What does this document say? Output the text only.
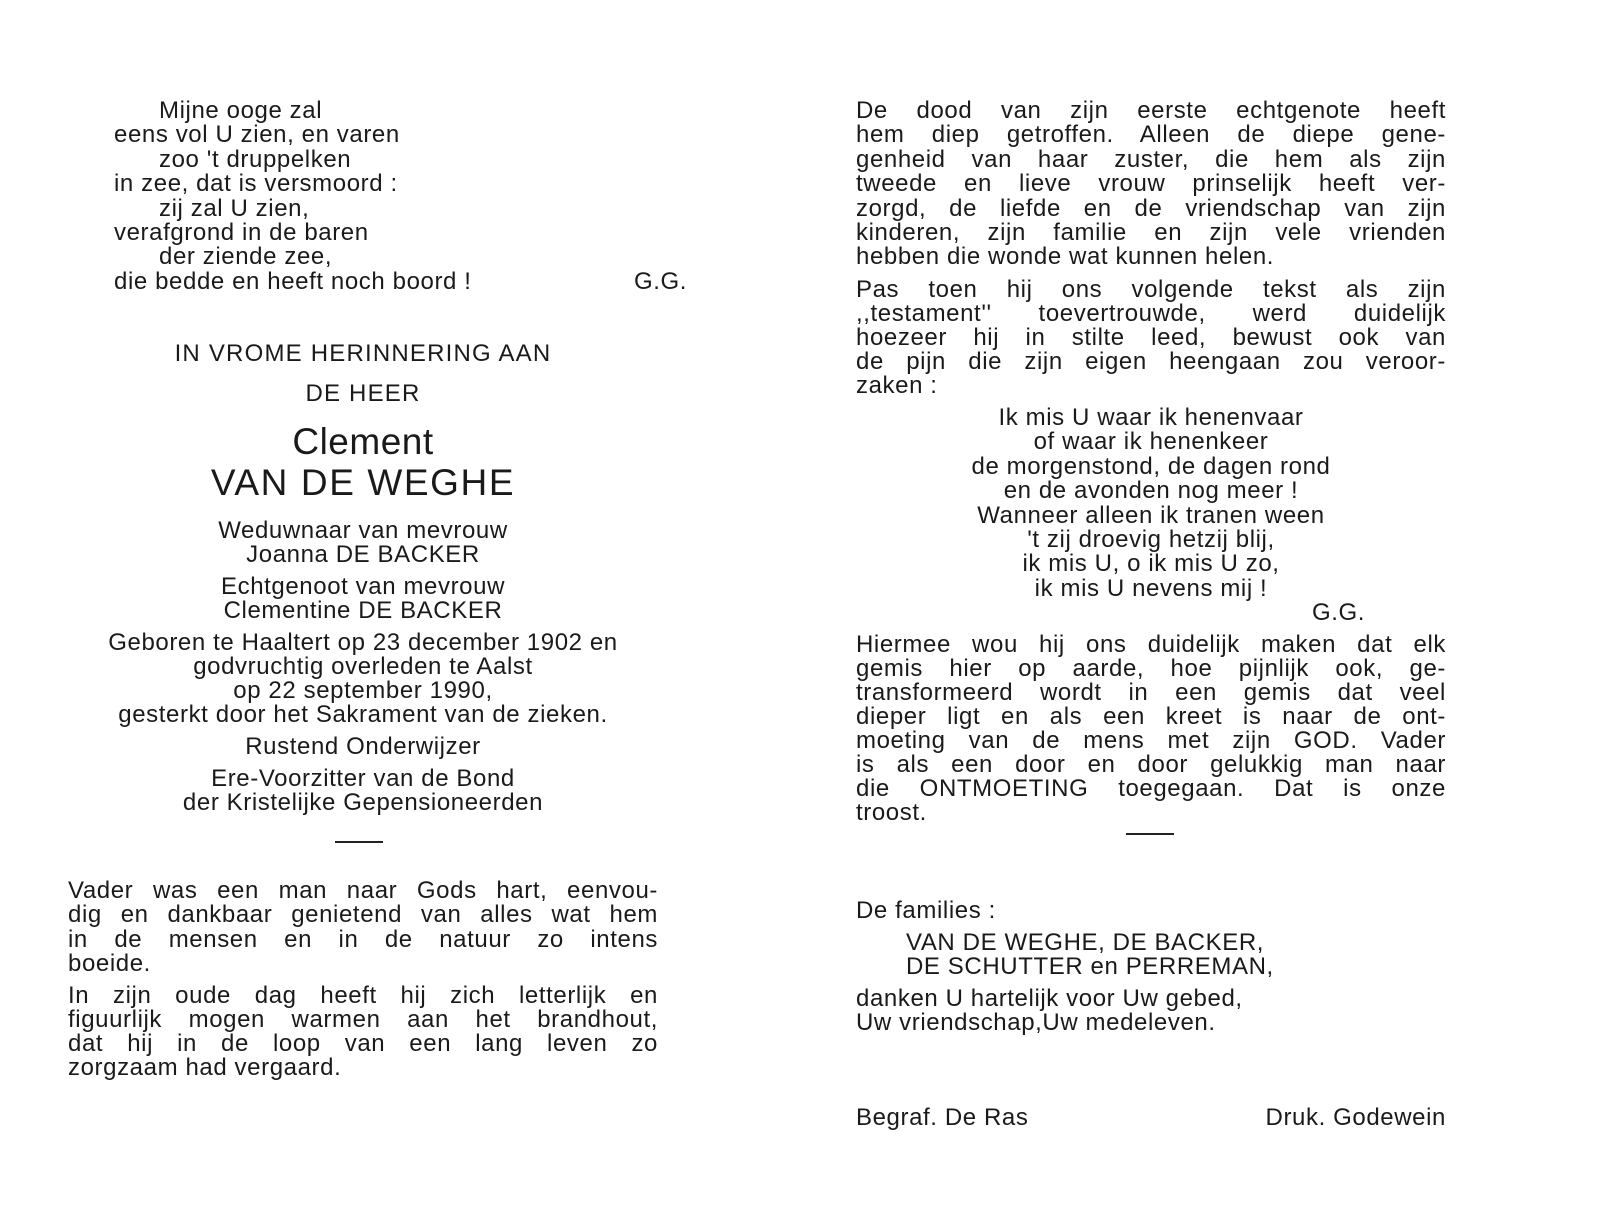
Mijne ooge zal
eens vol U zien, en varen
zoo 't druppelken
in zee, dat is versmoord :
zij zal U zien,
verafgrond in de baren
der ziende zee,
die bedde en heeft noch boord !	G.G.
IN VROME HERINNERING AAN
DE HEER
Clement
VAN DE WEGHE
Weduwnaar van mevrouw
Joanna DE BACKER
Echtgenoot van mevrouw
Clementine DE BACKER
Geboren te Haaltert op 23 december 1902 en
godvruchtig overleden te Aalst
op 22 september 1990,
gesterkt door het Sakrament van de zieken.
Rustend Onderwijzer
Ere-Voorzitter van de Bond
der Kristelijke Gepensioneerden
Vader was een man naar Gods hart, eenvou-
dig en dankbaar genietend van alles wat hem
in de mensen en in de natuur zo intens
boeide.
In zijn oude dag heeft hij zich letterlijk en
figuurlijk mogen warmen aan het brandhout,
dat hij in de loop van een lang leven zo
zorgzaam had vergaard.
De dood van zijn eerste echtgenote heeft
hem diep getroffen. Alleen de diepe gene-
genheid van haar zuster, die hem als zijn
tweede en lieve vrouw prinselijk heeft ver-
zorgd, de liefde en de vriendschap van zijn
kinderen, zijn familie en zijn vele vrienden
hebben die wonde wat kunnen helen.
Pas toen hij ons volgende tekst als zijn
,,testament'' toevertrouwde, werd duidelijk
hoezeer hij in stilte leed, bewust ook van
de pijn die zijn eigen heengaan zou veroor-
zaken :
Ik mis U waar ik henenvaar
of waar ik henenkeer
de morgenstond, de dagen rond
en de avonden nog meer !
Wanneer alleen ik tranen ween
't zij droevig hetzij blij,
ik mis U, o ik mis U zo,
ik mis U nevens mij !
G.G.
Hiermee wou hij ons duidelijk maken dat elk
gemis hier op aarde, hoe pijnlijk ook, ge-
transformeerd wordt in een gemis dat veel
dieper ligt en als een kreet is naar de ont-
moeting van de mens met zijn GOD. Vader
is als een door en door gelukkig man naar
die ONTMOETING toegegaan. Dat is onze
troost.
De families :
VAN DE WEGHE, DE BACKER,
DE SCHUTTER en PERREMAN,
danken U hartelijk voor Uw gebed,
Uw vriendschap,Uw medeleven.
Begraf. De Ras	Druk. Godewein
